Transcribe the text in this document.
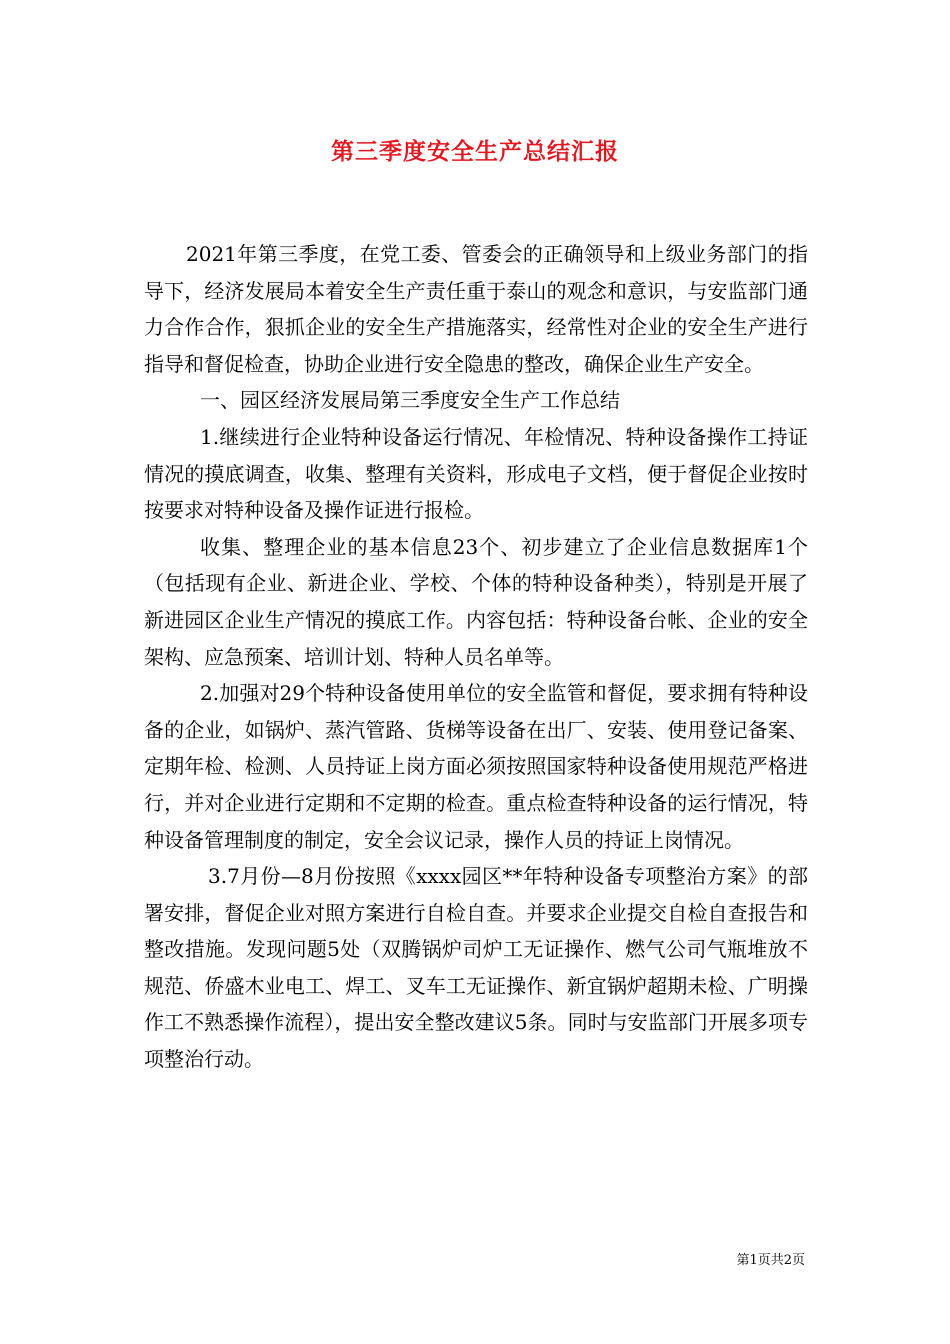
第三季度安全生产总结汇报

2021年第三季度，在党工委、管委会的正确领导和上级业务部门的指导下，经济发展局本着安全生产责任重于泰山的观念和意识，与安监部门通力合作合作，狠抓企业的安全生产措施落实，经常性对企业的安全生产进行指导和督促检查，协助企业进行安全隐患的整改，确保企业生产安全。

一、园区经济发展局第三季度安全生产工作总结

1.继续进行企业特种设备运行情况、年检情况、特种设备操作工持证情况的摸底调查，收集、整理有关资料，形成电子文档，便于督促企业按时按要求对特种设备及操作证进行报检。

收集、整理企业的基本信息23个、初步建立了企业信息数据库1个（包括现有企业、新进企业、学校、个体的特种设备种类），特别是开展了新进园区企业生产情况的摸底工作。内容包括：特种设备台帐、企业的安全架构、应急预案、培训计划、特种人员名单等。

2.加强对29个特种设备使用单位的安全监管和督促，要求拥有特种设备的企业，如锅炉、蒸汽管路、货梯等设备在出厂、安装、使用登记备案、定期年检、检测、人员持证上岗方面必须按照国家特种设备使用规范严格进行，并对企业进行定期和不定期的检查。重点检查特种设备的运行情况，特种设备管理制度的制定，安全会议记录，操作人员的持证上岗情况。

3.7月份—8月份按照《xxxx园区**年特种设备专项整治方案》的部署安排，督促企业对照方案进行自检自查。并要求企业提交自检自查报告和整改措施。发现问题5处（双腾锅炉司炉工无证操作、燃气公司气瓶堆放不规范、侨盛木业电工、焊工、叉车工无证操作、新宜锅炉超期未检、广明操作工不熟悉操作流程），提出安全整改建议5条。同时与安监部门开展多项专项整治行动。

第1页共2页
